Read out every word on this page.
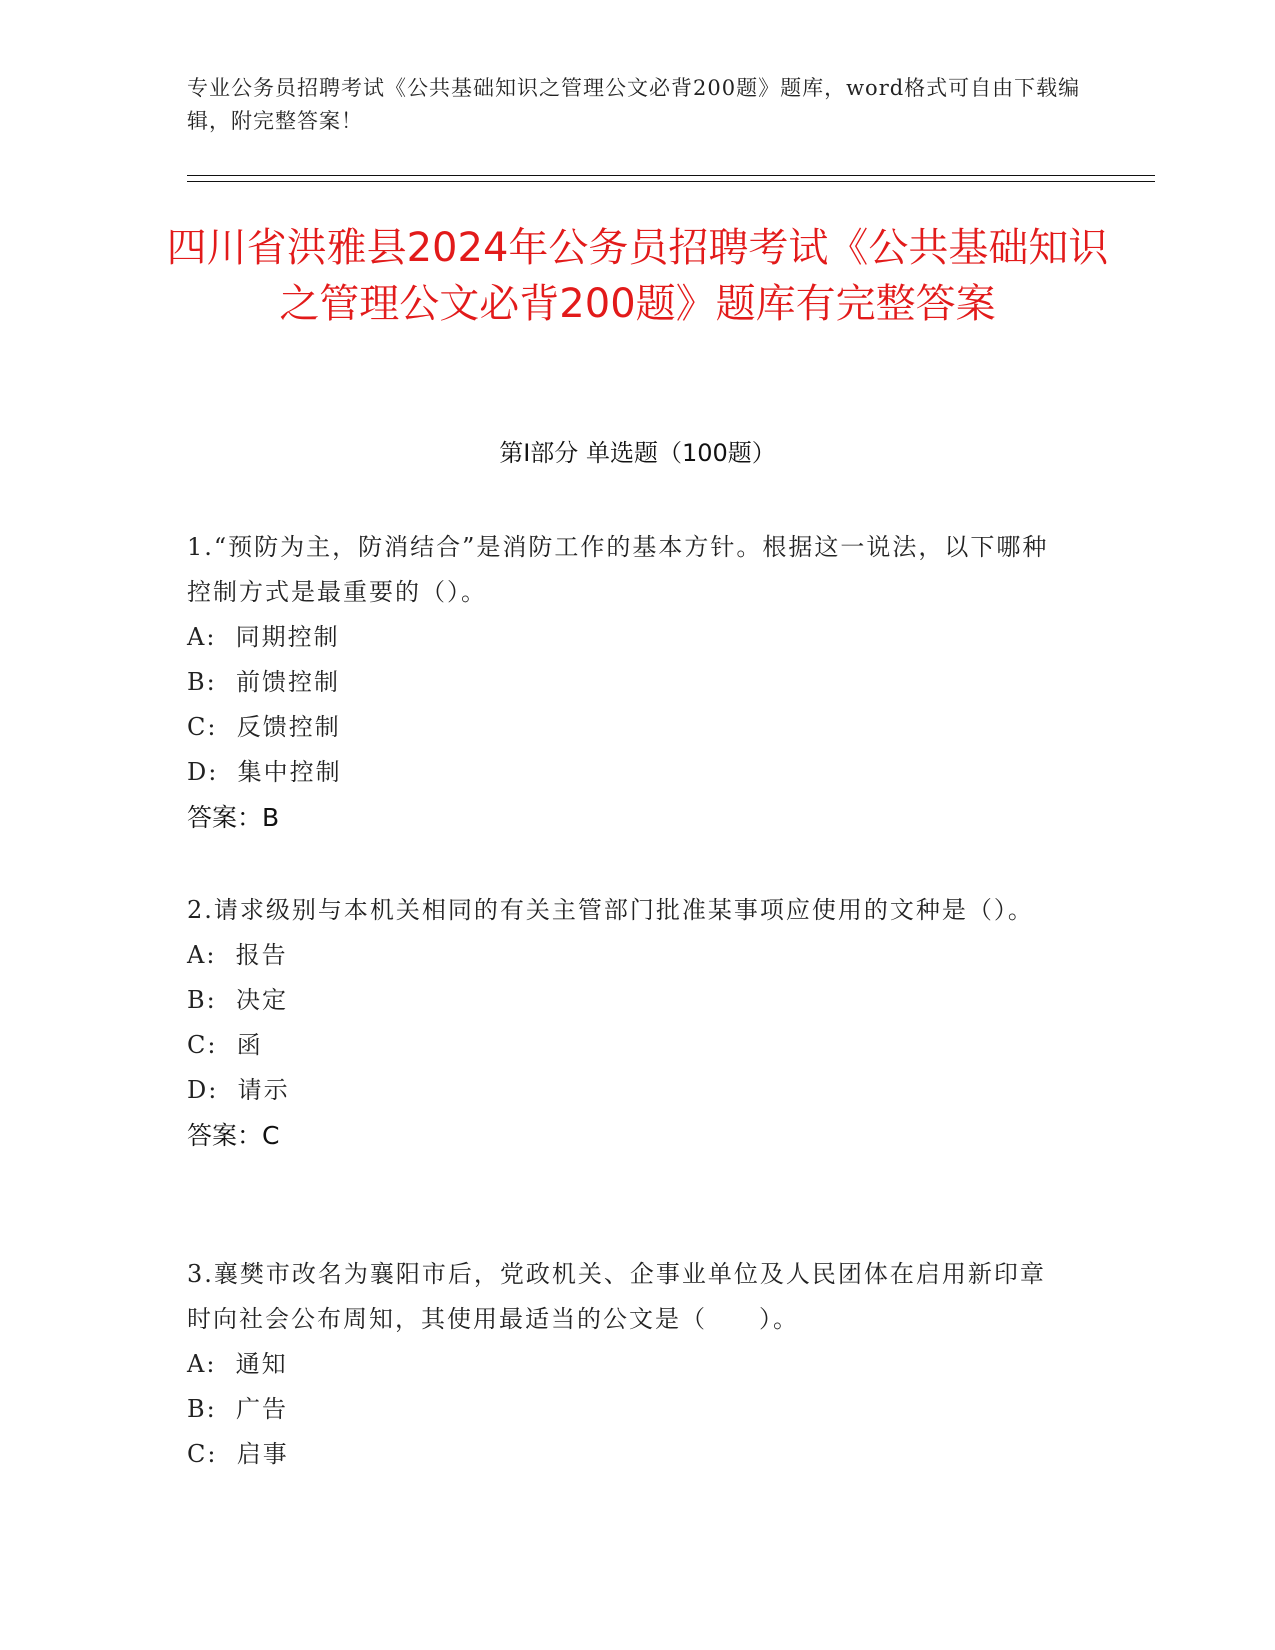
专业公务员招聘考试《公共基础知识之管理公文必背200题》题库，word格式可自由下载编辑，附完整答案！
四川省洪雅县2024年公务员招聘考试《公共基础知识之管理公文必背200题》题库有完整答案
第Ⅰ部分 单选题（100题）
1.“预防为主，防消结合”是消防工作的基本方针。根据这一说法，以下哪种控制方式是最重要的（）。
A:  同期控制
B:  前馈控制
C:  反馈控制
D:  集中控制
答案：B
2.请求级别与本机关相同的有关主管部门批准某事项应使用的文种是（）。
A:  报告
B:  决定
C:  函
D:  请示
答案：C
3.襄樊市改名为襄阳市后，党政机关、企事业单位及人民团体在启用新印章时向社会公布周知，其使用最适当的公文是（　　）。
A:  通知
B:  广告
C:  启事
